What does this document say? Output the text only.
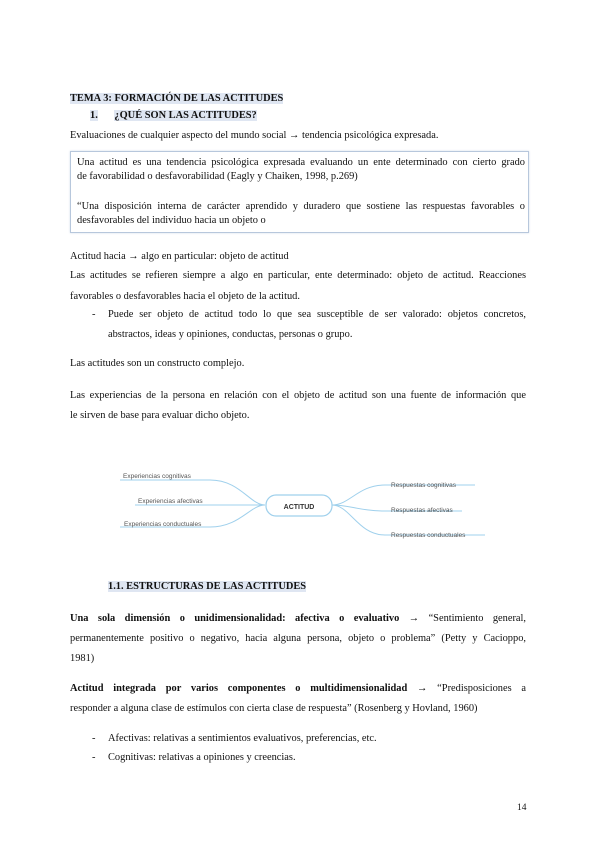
TEMA 3: FORMACIÓN DE LAS ACTITUDES
1. ¿QUÉ SON LAS ACTITUDES?
Evaluaciones de cualquier aspecto del mundo social → tendencia psicológica expresada.
Una actitud es una tendencia psicológica expresada evaluando un ente determinado con cierto grado
de favorabilidad o desfavorabilidad (Eagly y Chaiken, 1998, p.269)
“Una disposición interna de carácter aprendido y duradero que sostiene las respuestas favorables o
desfavorables del individuo hacia un objeto o
Actitud hacia → algo en particular: objeto de actitud
Las actitudes se refieren siempre a algo en particular, ente determinado: objeto de actitud. Reacciones
favorables o desfavorables hacia el objeto de la actitud.
- Puede ser objeto de actitud todo lo que sea susceptible de ser valorado: objetos concretos,
abstractos, ideas y opiniones, conductas, personas o grupo.
Las actitudes son un constructo complejo.
Las experiencias de la persona en relación con el objeto de actitud son una fuente de información que
le sirven de base para evaluar dicho objeto.
ACTITUD
Experiencias cognitivas
Experiencias afectivas
Experiencias conductuales
Respuestas cognitivas
Respuestas afectivas
Respuestas conductuales
1.1. ESTRUCTURAS DE LAS ACTITUDES
Una sola dimensión o unidimensionalidad: afectiva o evaluativo → “Sentimiento general,
permanentemente positivo o negativo, hacia alguna persona, objeto o problema” (Petty y Cacioppo,
1981)
Actitud integrada por varios componentes o multidimensionalidad → “Predisposiciones a
responder a alguna clase de estímulos con cierta clase de respuesta” (Rosenberg y Hovland, 1960)
- Afectivas: relativas a sentimientos evaluativos, preferencias, etc.
- Cognitivas: relativas a opiniones y creencias.
14
